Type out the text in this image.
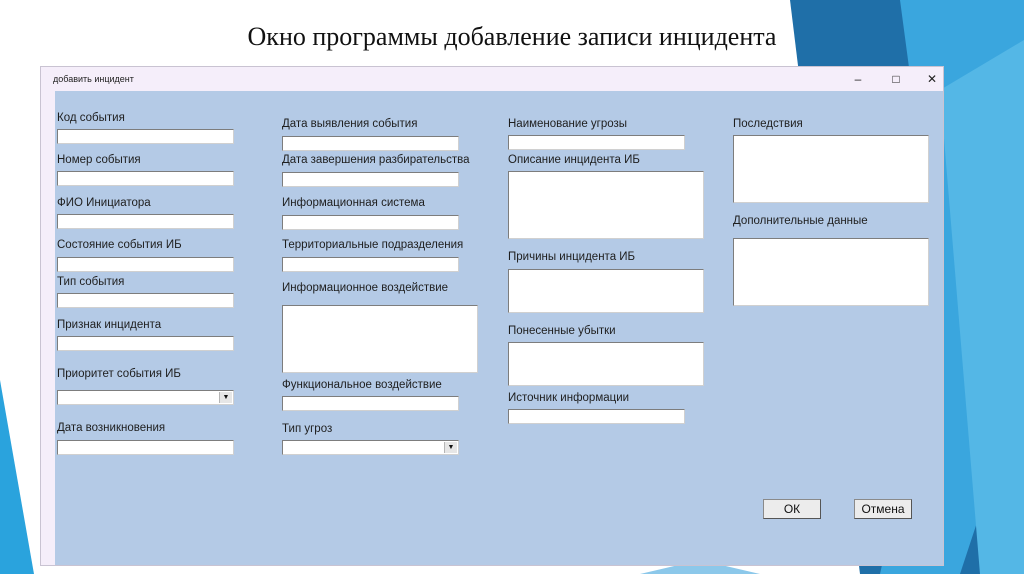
Окно программы добавление записи инцидента
добавить инцидент	–	□	✕
Код события
Номер события
ФИО Инициатора
Состояние события ИБ
Тип события
Признак инцидента
Приоритет события ИБ
▼
Дата возникновения
Дата выявления события
Дата завершения разбирательства
Информационная система
Территориальные подразделения
Информационное воздействие
Функциональное воздействие
Тип угроз
▼
Наименование угрозы
Описание инцидента ИБ
Причины инцидента ИБ
Понесенные убытки
Источник информации
Последствия
Дополнительные данные
ОК	Отмена
